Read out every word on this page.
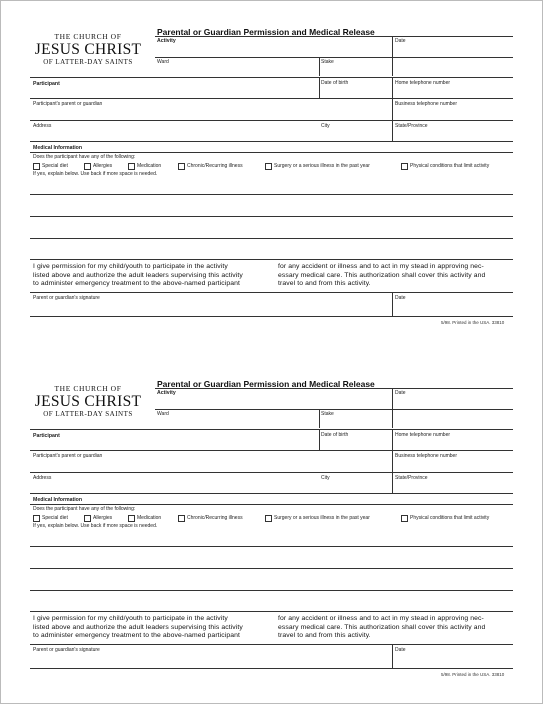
THE CHURCH OF
JESUS CHRIST
OF LATTER-DAY SAINTS
Parental or Guardian Permission and Medical Release
Activity	Date
Ward	Stake
Participant	Date of birth	Home telephone number
Participant's parent or guardian	Business telephone number
Address	City	State/Province
Medical Information
Does the participant have any of the following:
Special diet	Allergies	Medication	Chronic/Recurring illness	Surgery or a serious illness in the past year	Physical conditions that limit activity
If yes, explain below. Use back if more space is needed.
I give permission for my child/youth to participate in the activity
listed above and authorize the adult leaders supervising this activity
to administer emergency treatment to the above-named participant
for any accident or illness and to act in my stead in approving nec-
essary medical care. This authorization shall cover this activity and
travel to and from this activity.
Parent or guardian's signature	Date
5/98. Printed in the USA. 33810
THE CHURCH OF
JESUS CHRIST
OF LATTER-DAY SAINTS
Parental or Guardian Permission and Medical Release
Activity	Date
Ward	Stake
Participant	Date of birth	Home telephone number
Participant's parent or guardian	Business telephone number
Address	City	State/Province
Medical Information
Does the participant have any of the following:
Special diet	Allergies	Medication	Chronic/Recurring illness	Surgery or a serious illness in the past year	Physical conditions that limit activity
If yes, explain below. Use back if more space is needed.
I give permission for my child/youth to participate in the activity
listed above and authorize the adult leaders supervising this activity
to administer emergency treatment to the above-named participant
for any accident or illness and to act in my stead in approving nec-
essary medical care. This authorization shall cover this activity and
travel to and from this activity.
Parent or guardian's signature	Date
5/98. Printed in the USA. 33810
